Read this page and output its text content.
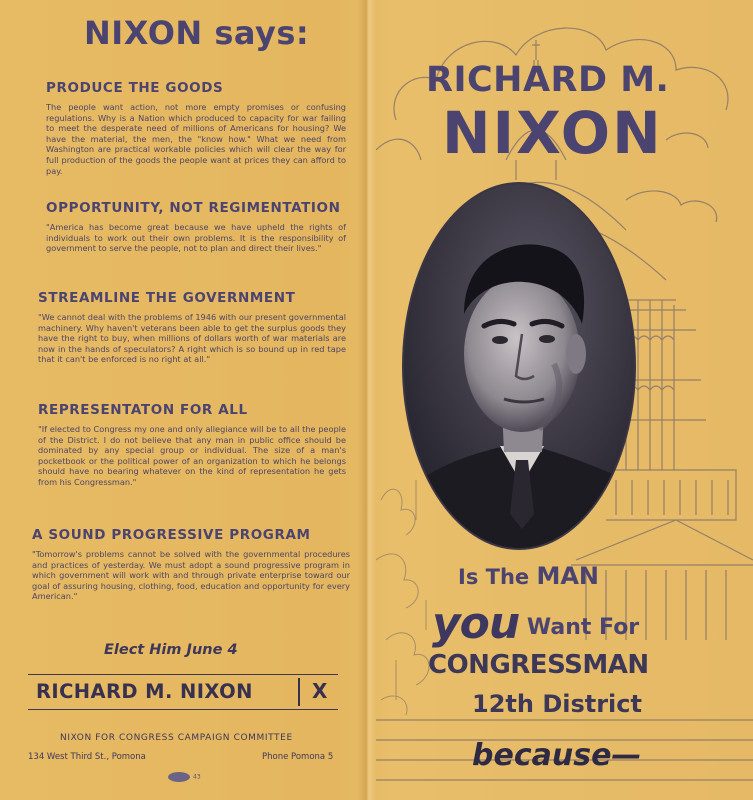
NIXON says:
PRODUCE THE GOODS

The people want action, not more empty promises or confusing regulations. Why is a Nation which produced to capacity for war failing to meet the desperate need of millions of Americans for housing? We have the material, the men, the "know how." What we need from Washington are practical workable policies which will clear the way for full production of the goods the people want at prices they can afford to pay.

OPPORTUNITY, NOT REGIMENTATION

"America has become great because we have upheld the rights of individuals to work out their own problems. It is the responsibility of government to serve the people, not to plan and direct their lives."

STREAMLINE THE GOVERNMENT

"We cannot deal with the problems of 1946 with our present governmental machinery. Why haven't veterans been able to get the surplus goods they have the right to buy, when millions of dollars worth of war materials are now in the hands of speculators? A right which is so bound up in red tape that it can't be enforced is no right at all."

REPRESENTATON FOR ALL

"If elected to Congress my one and only allegiance will be to all the people of the District. I do not believe that any man in public office should be dominated by any special group or individual. The size of a man's pocketbook or the political power of an organization to which he belongs should have no bearing whatever on the kind of representation he gets from his Congressman."

A SOUND PROGRESSIVE PROGRAM

"Tomorrow's problems cannot be solved with the governmental procedures and practices of yesterday. We must adopt a sound progressive program in which government will work with and through private enterprise toward our goal of assuring housing, clothing, food, education and opportunity for every American."

Elect Him June 4
RICHARD M. NIXON	X
NIXON FOR CONGRESS CAMPAIGN COMMITTEE
134 West Third St., Pomona	Phone Pomona 5
43
RICHARD M.
NIXON
Is The MAN
you Want For
CONGRESSMAN
12th District
because—
